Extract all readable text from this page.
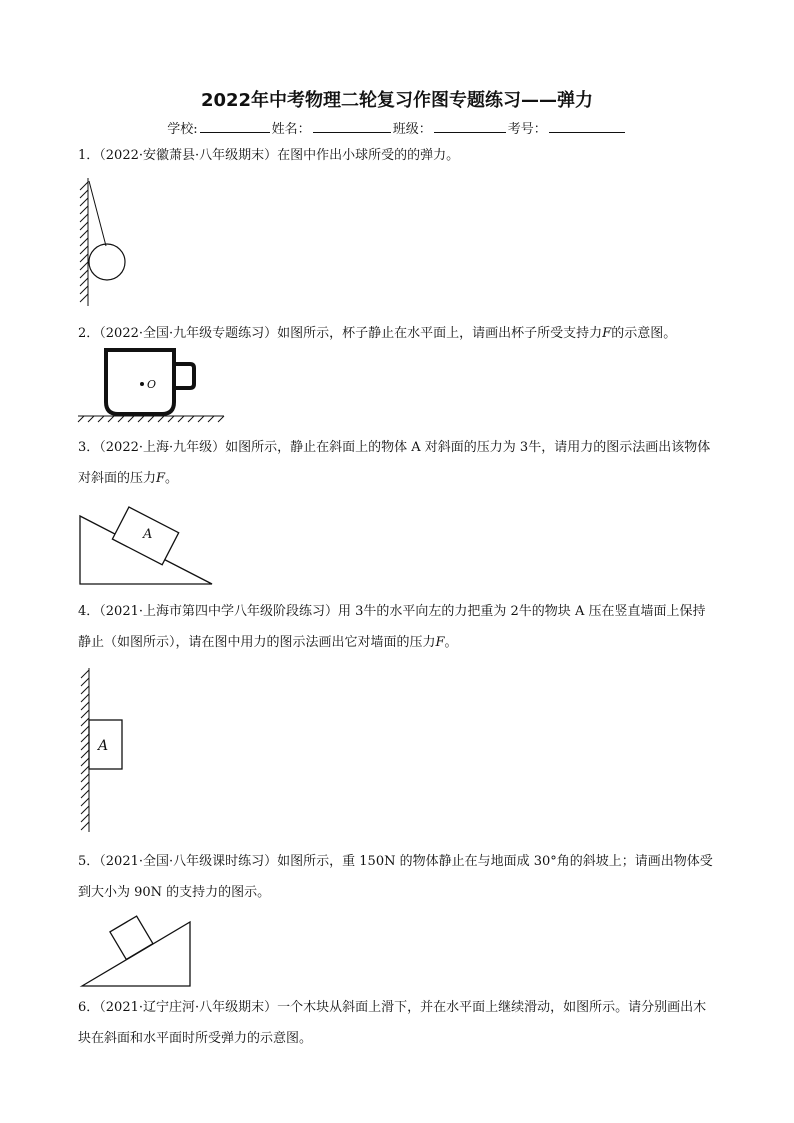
2022年中考物理二轮复习作图专题练习——弹力
学校:	姓名：	班级：	考号：
1．（2022·安徽萧县·八年级期末）在图中作出小球所受的的弹力。
2．（2022·全国·九年级专题练习）如图所示，杯子静止在水平面上，请画出杯子所受支持力F的示意图。
O
3．（2022·上海·九年级）如图所示，静止在斜面上的物体 A 对斜面的压力为 3牛，请用力的图示法画出该物体对斜面的压力F。
A
4．（2021·上海市第四中学八年级阶段练习）用 3牛的水平向左的力把重为 2牛的物块 A 压在竖直墙面上保持静止（如图所示），请在图中用力的图示法画出它对墙面的压力F。
A
5．（2021·全国·八年级课时练习）如图所示，重 150N 的物体静止在与地面成 30°角的斜坡上；请画出物体受到大小为 90N 的支持力的图示。
6．（2021·辽宁庄河·八年级期末）一个木块从斜面上滑下，并在水平面上继续滑动，如图所示。请分别画出木块在斜面和水平面时所受弹力的示意图。
